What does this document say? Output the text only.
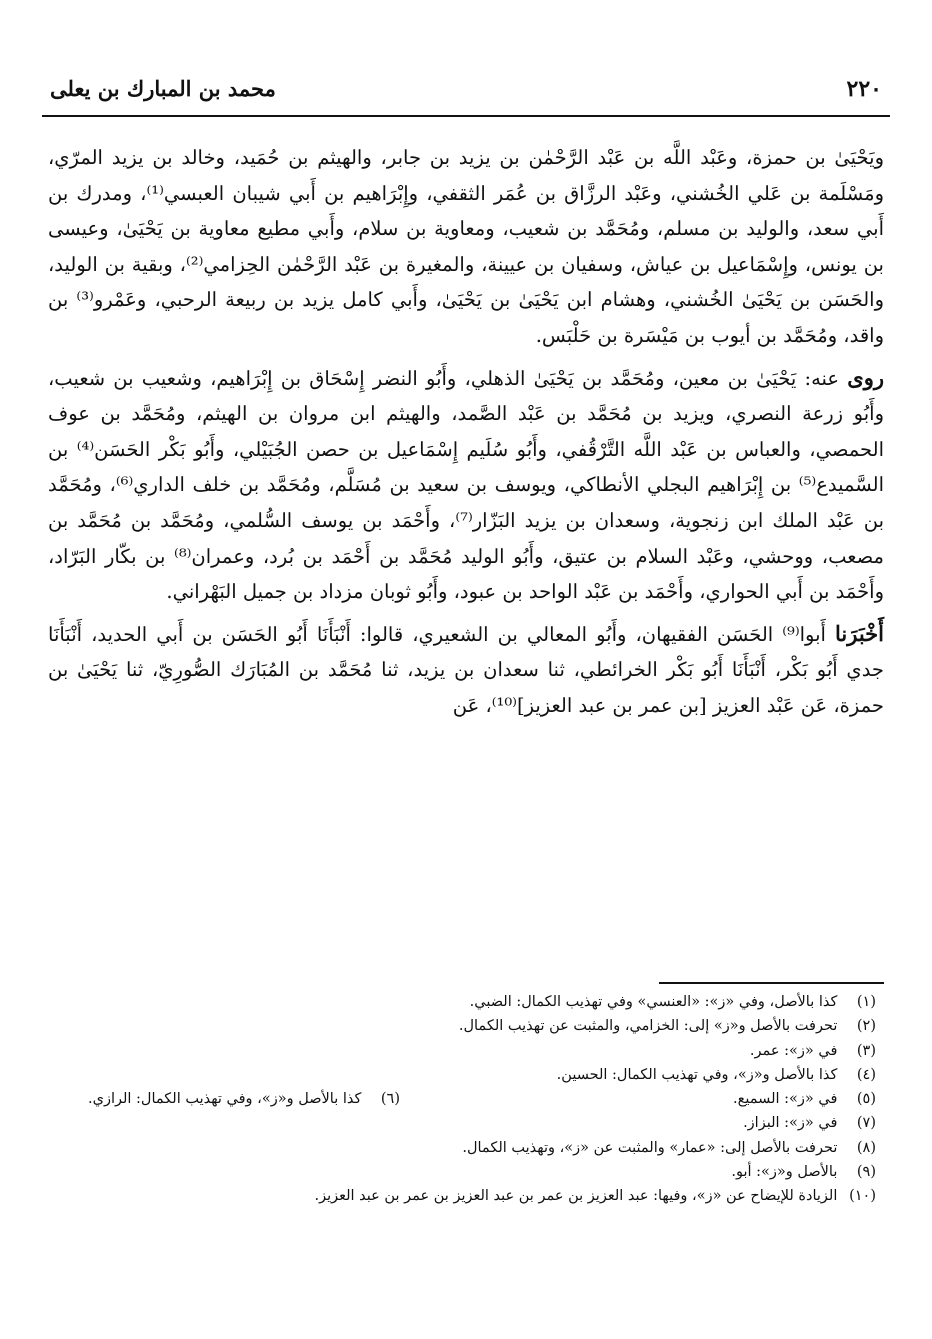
٢٢٠
محمد بن المبارك بن يعلى

ويَحْيَىٰ بن حمزة، وعَبْد اللَّه بن عَبْد الرَّحْمٰن بن يزيد بن جابر، والهيثم بن حُمَيد، وخالد بن يزيد المرّي، ومَسْلَمة بن عَلي الخُشني، وعَبْد الرزَّاق بن عُمَر الثقفي، وإِبْرَاهيم بن أَبي شيبان العبسي⁽¹⁾، ومدرك بن أَبي سعد، والوليد بن مسلم، ومُحَمَّد بن شعيب، ومعاوية بن سلام، وأَبي مطيع معاوية بن يَحْيَىٰ، وعيسى بن يونس، وإِسْمَاعيل بن عياش، وسفيان بن عيينة، والمغيرة بن عَبْد الرَّحْمٰن الحِزامي⁽²⁾، وبقية بن الوليد، والحَسَن بن يَحْيَىٰ الخُشني، وهشام ابن يَحْيَىٰ بن يَحْيَىٰ، وأَبي كامل يزيد بن ربيعة الرحبي، وعَمْرو⁽³⁾ بن واقد، ومُحَمَّد بن أيوب بن مَيْسَرة بن حَلْبَس.

روى عنه: يَحْيَىٰ بن معين، ومُحَمَّد بن يَحْيَىٰ الذهلي، وأَبُو النضر إِسْحَاق بن إِبْرَاهيم، وشعيب بن شعيب، وأَبُو زرعة النصري، ويزيد بن مُحَمَّد بن عَبْد الصَّمد، والهيثم ابن مروان بن الهيثم، ومُحَمَّد بن عوف الحمصي، والعباس بن عَبْد اللَّه التَّرْقُفي، وأَبُو سُلَيم إِسْمَاعيل بن حصن الجُبَيْلي، وأَبُو بَكْر الحَسَن⁽⁴⁾ بن السَّميدع⁽⁵⁾ بن إِبْرَاهيم البجلي الأنطاكي، ويوسف بن سعيد بن مُسَلَّم، ومُحَمَّد بن خلف الداري⁽⁶⁾، ومُحَمَّد بن عَبْد الملك ابن زنجوية، وسعدان بن يزيد البَزّار⁽⁷⁾، وأَحْمَد بن يوسف السُّلمي، ومُحَمَّد بن مُحَمَّد بن مصعب، ووحشي، وعَبْد السلام بن عتيق، وأَبُو الوليد مُحَمَّد بن أَحْمَد بن بُرد، وعمران⁽⁸⁾ بن بكّار البَرّاد، وأَحْمَد بن أَبي الحواري، وأَحْمَد بن عَبْد الواحد بن عبود، وأَبُو ثوبان مزداد بن جميل البَهْراني.

أَخْبَرَنا أَبوا⁽⁹⁾ الحَسَن الفقيهان، وأَبُو المعالي بن الشعيري، قالوا: أَنْبَأَنَا أَبُو الحَسَن بن أَبي الحديد، أَنْبَأَنَا جدي أَبُو بَكْر، أَنْبَأَنَا أَبُو بَكْر الخرائطي، ثنا سعدان بن يزيد، ثنا مُحَمَّد بن المُبَارَك الصُّورِيّ، ثنا يَحْيَىٰ بن حمزة، عَن عَبْد العزيز [بن عمر بن عبد العزيز]⁽¹⁰⁾، عَن

(١) كذا بالأصل، وفي «ز»: «العنسي» وفي تهذيب الكمال: الضبي.
(٢) تحرفت بالأصل و«ز» إلى: الخزامي، والمثبت عن تهذيب الكمال.
(٣) في «ز»: عمر.
(٤) كذا بالأصل و«ز»، وفي تهذيب الكمال: الحسين.
(٥) في «ز»: السميع.
(٦) كذا بالأصل و«ز»، وفي تهذيب الكمال: الرازي.
(٧) في «ز»: البزاز.
(٨) تحرفت بالأصل إلى: «عمار» والمثبت عن «ز»، وتهذيب الكمال.
(٩) بالأصل و«ز»: أبو.
(١٠) الزيادة للإيضاح عن «ز»، وفيها: عبد العزيز بن عمر بن عبد العزيز بن عمر بن عبد العزيز.
